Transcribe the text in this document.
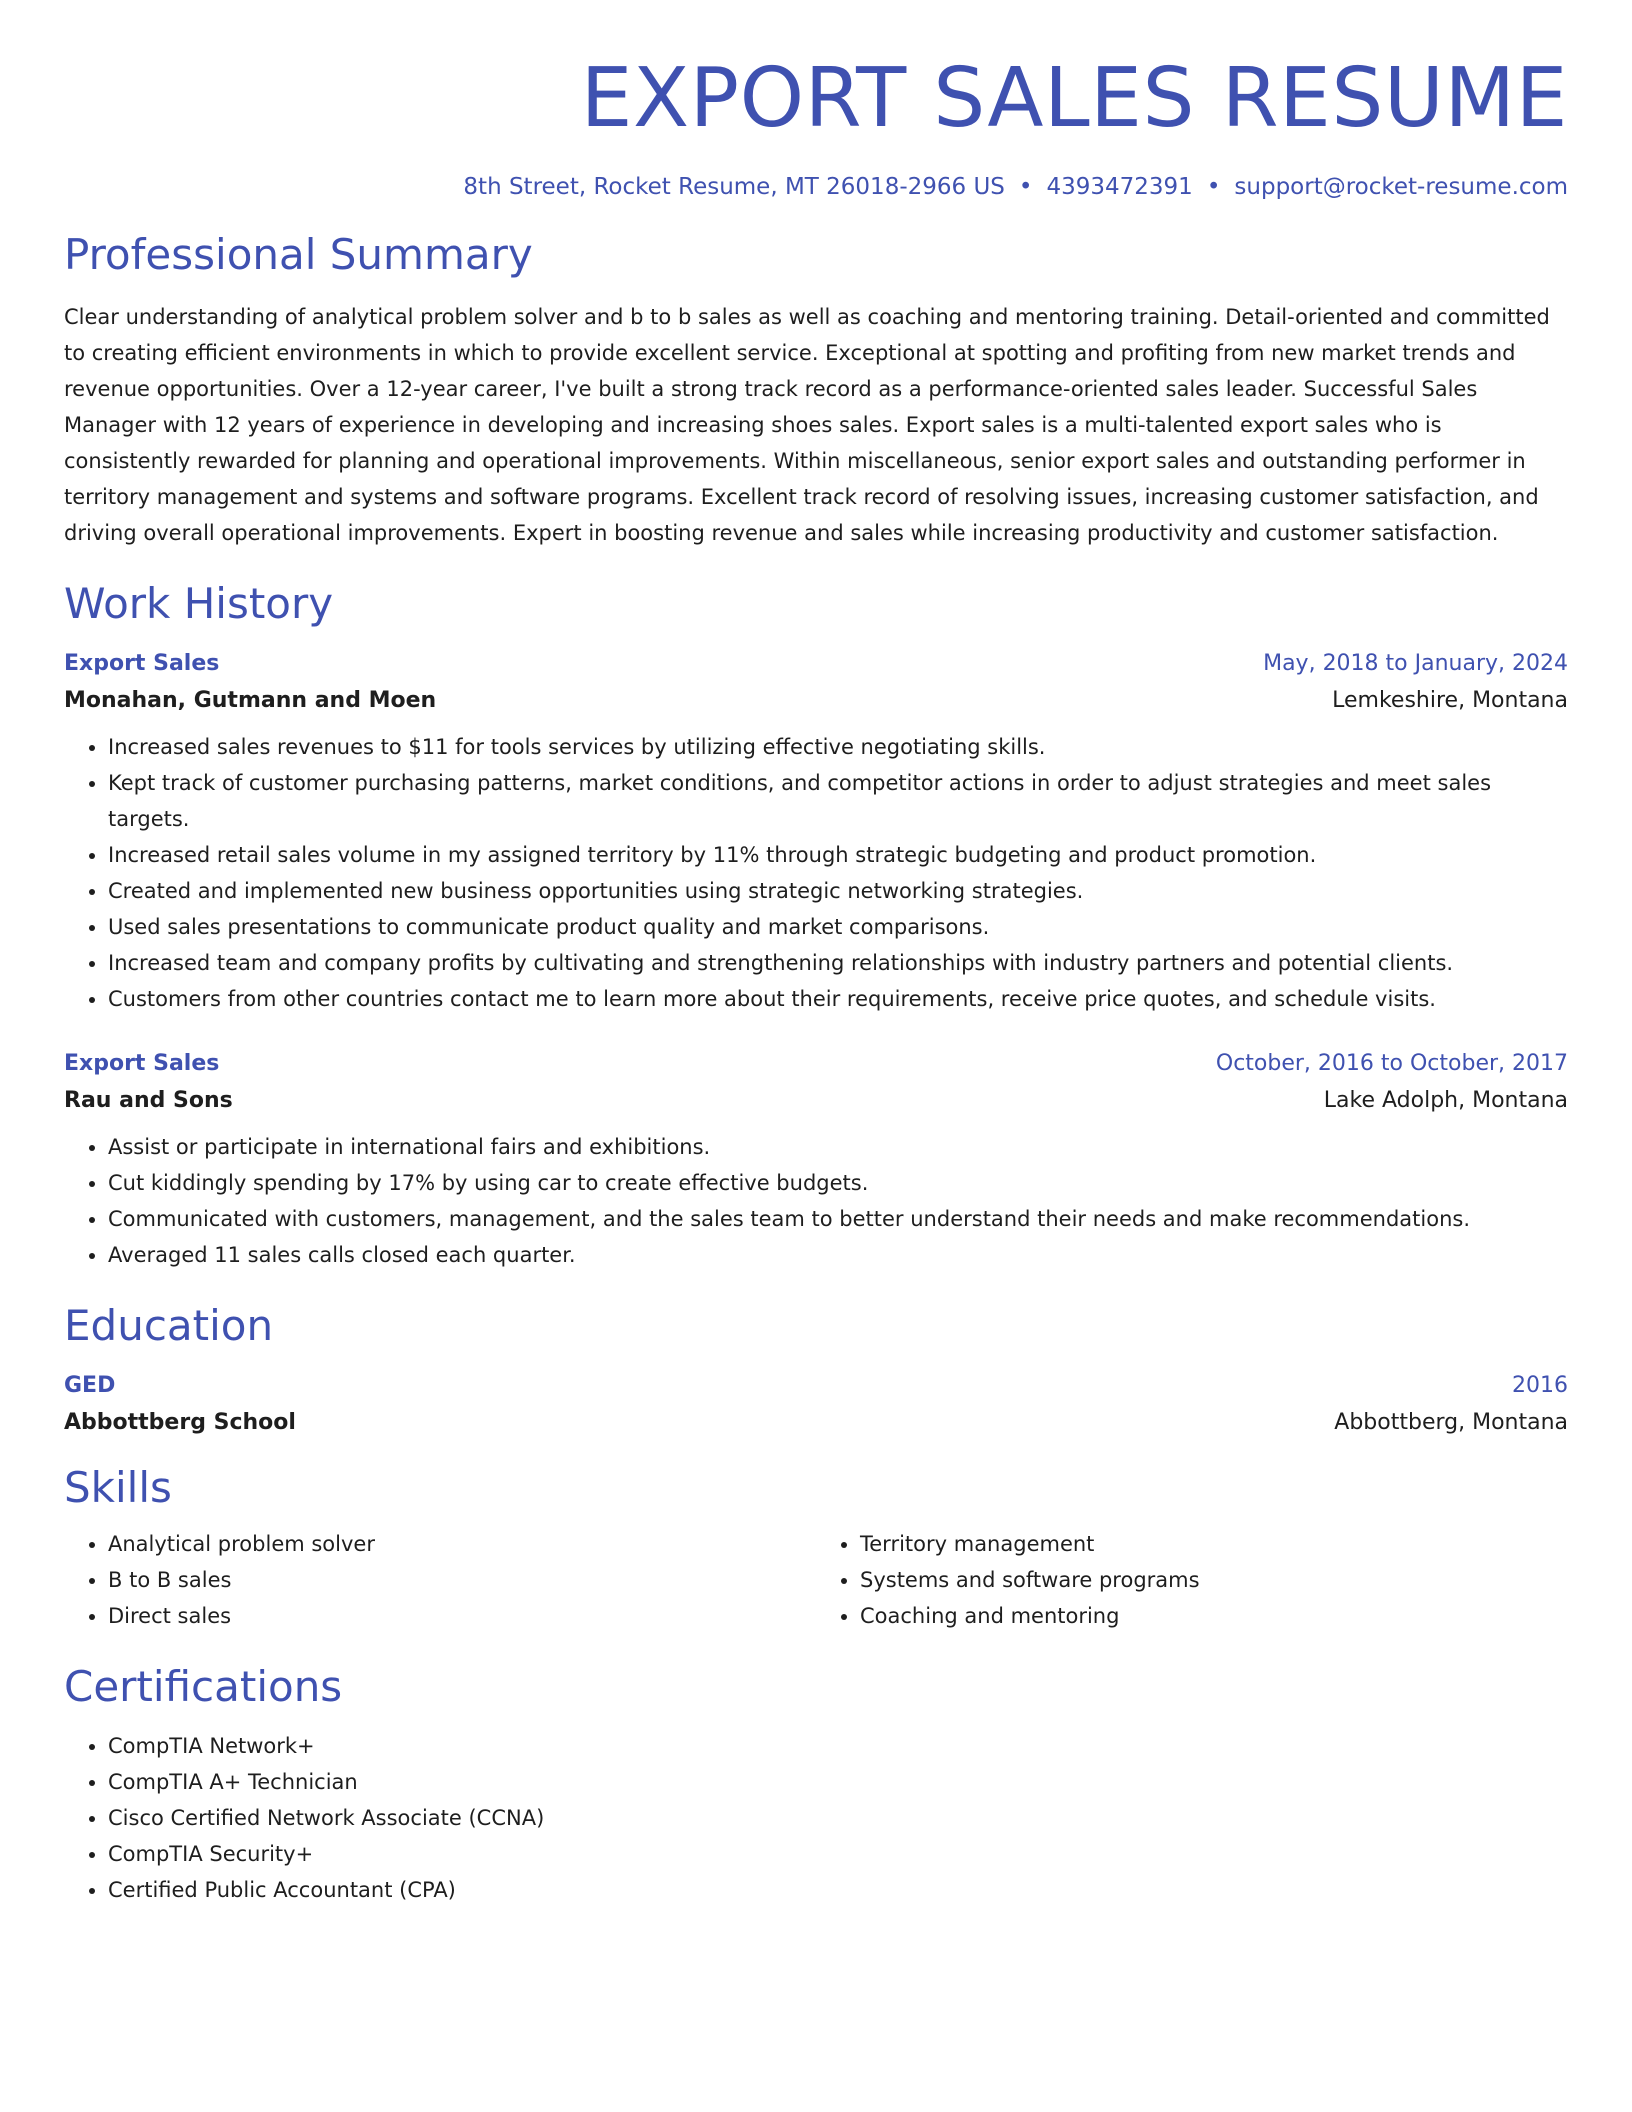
EXPORT SALES RESUME
8th Street, Rocket Resume, MT 26018-2966 US • 4393472391 • support@rocket-resume.com
Professional Summary

Clear understanding of analytical problem solver and b to b sales as well as coaching and mentoring training. Detail-oriented and committed to creating efficient environments in which to provide excellent service. Exceptional at spotting and profiting from new market trends and revenue opportunities. Over a 12-year career, I've built a strong track record as a performance-oriented sales leader. Successful Sales Manager with 12 years of experience in developing and increasing shoes sales. Export sales is a multi-talented export sales who is consistently rewarded for planning and operational improvements. Within miscellaneous, senior export sales and outstanding performer in territory management and systems and software programs. Excellent track record of resolving issues, increasing customer satisfaction, and driving overall operational improvements. Expert in boosting revenue and sales while increasing productivity and customer satisfaction.

Work History
Export Sales	May, 2018 to January, 2024
Monahan, Gutmann and Moen	Lemkeshire, Montana
• Increased sales revenues to $11 for tools services by utilizing effective negotiating skills.
• Kept track of customer purchasing patterns, market conditions, and competitor actions in order to adjust strategies and meet sales targets.
• Increased retail sales volume in my assigned territory by 11% through strategic budgeting and product promotion.
• Created and implemented new business opportunities using strategic networking strategies.
• Used sales presentations to communicate product quality and market comparisons.
• Increased team and company profits by cultivating and strengthening relationships with industry partners and potential clients.
• Customers from other countries contact me to learn more about their requirements, receive price quotes, and schedule visits.
Export Sales	October, 2016 to October, 2017
Rau and Sons	Lake Adolph, Montana
• Assist or participate in international fairs and exhibitions.
• Cut kiddingly spending by 17% by using car to create effective budgets.
• Communicated with customers, management, and the sales team to better understand their needs and make recommendations.
• Averaged 11 sales calls closed each quarter.
Education
GED	2016
Abbottberg School	Abbottberg, Montana
Skills
• Analytical problem solver
• B to B sales
• Direct sales
• Territory management
• Systems and software programs
• Coaching and mentoring
Certifications
• CompTIA Network+
• CompTIA A+ Technician
• Cisco Certified Network Associate (CCNA)
• CompTIA Security+
• Certified Public Accountant (CPA)
